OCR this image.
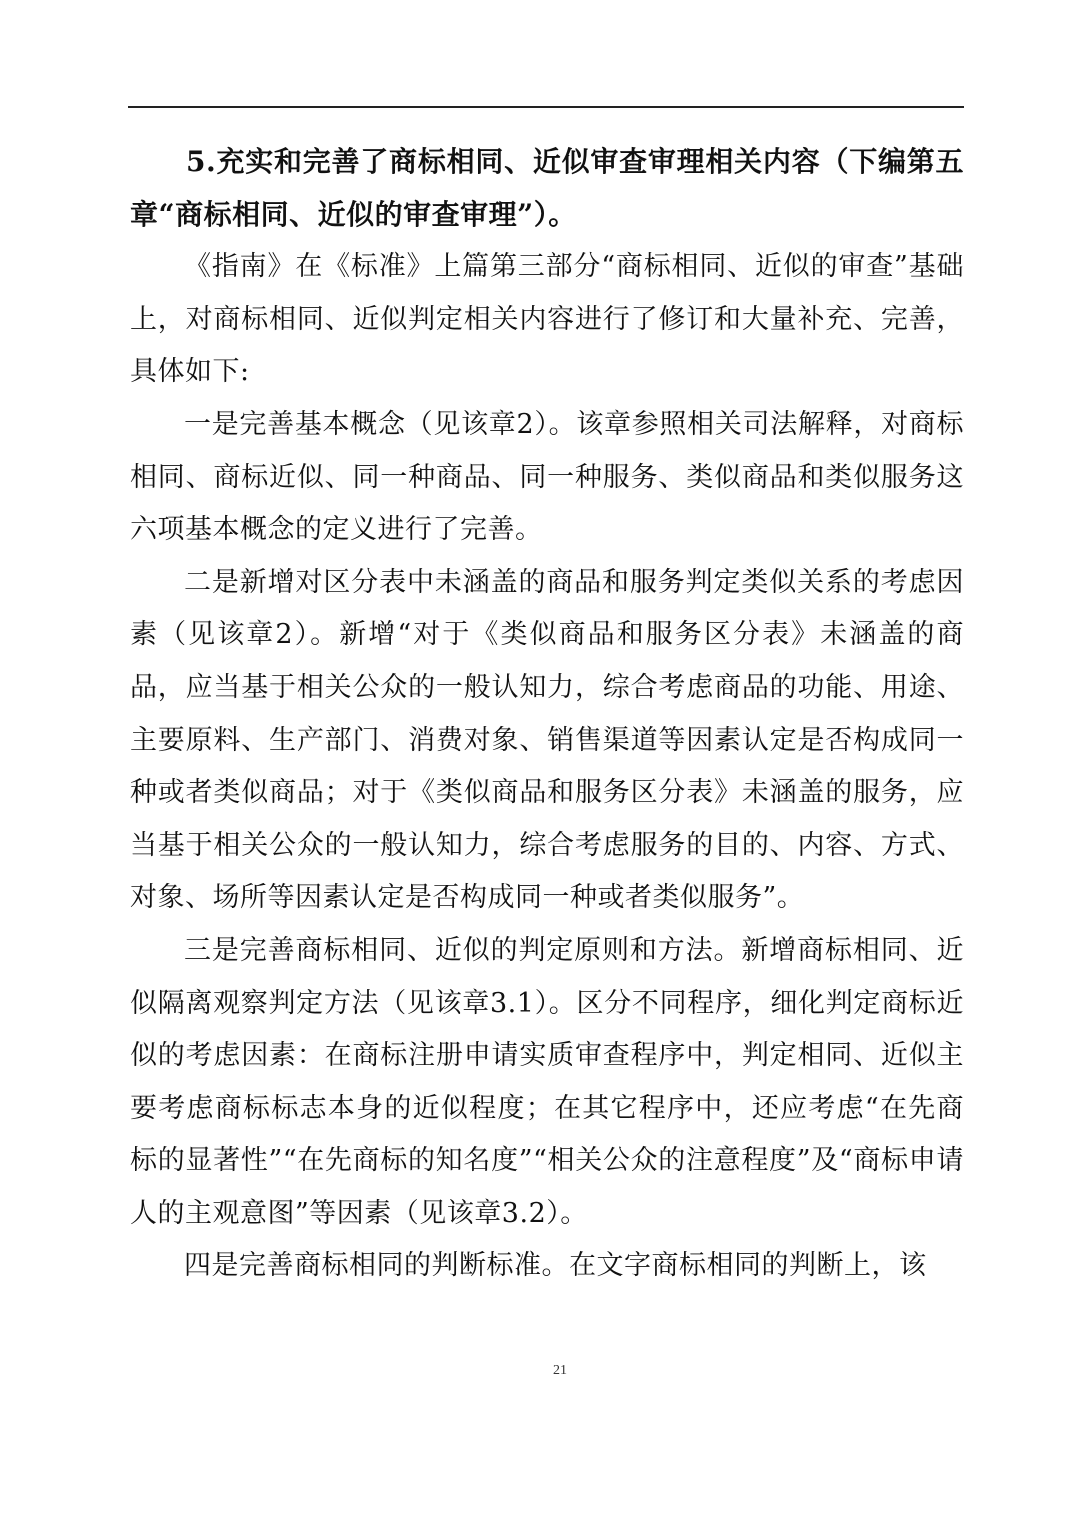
5.充实和完善了商标相同、近似审查审理相关内容（下编第五章“商标相同、近似的审查审理”）。

《指南》在《标准》上篇第三部分“商标相同、近似的审查”基础上，对商标相同、近似判定相关内容进行了修订和大量补充、完善，具体如下:

一是完善基本概念（见该章2）。该章参照相关司法解释，对商标相同、商标近似、同一种商品、同一种服务、类似商品和类似服务这六项基本概念的定义进行了完善。

二是新增对区分表中未涵盖的商品和服务判定类似关系的考虑因素（见该章2）。新增“对于《类似商品和服务区分表》未涵盖的商品，应当基于相关公众的一般认知力，综合考虑商品的功能、用途、主要原料、生产部门、消费对象、销售渠道等因素认定是否构成同一种或者类似商品；对于《类似商品和服务区分表》未涵盖的服务，应当基于相关公众的一般认知力，综合考虑服务的目的、内容、方式、对象、场所等因素认定是否构成同一种或者类似服务”。

三是完善商标相同、近似的判定原则和方法。新增商标相同、近似隔离观察判定方法（见该章3.1）。区分不同程序，细化判定商标近似的考虑因素：在商标注册申请实质审查程序中，判定相同、近似主要考虑商标标志本身的近似程度；在其它程序中，还应考虑“在先商标的显著性”“在先商标的知名度”“相关公众的注意程度”及“商标申请人的主观意图”等因素（见该章3.2）。

四是完善商标相同的判断标准。在文字商标相同的判断上，该

21
